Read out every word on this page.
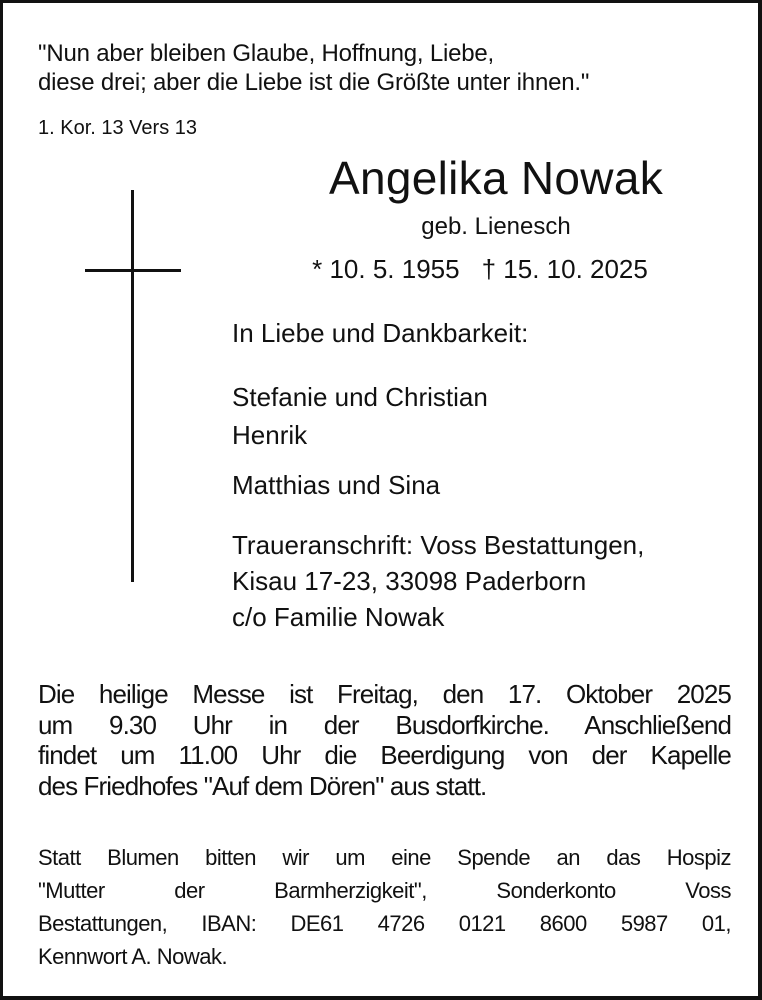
"Nun aber bleiben Glaube, Hoffnung, Liebe,
diese drei; aber die Liebe ist die Größte unter ihnen."
1. Kor. 13 Vers 13
Angelika Nowak
geb. Lienesch
* 10. 5. 1955 † 15. 10. 2025
In Liebe und Dankbarkeit:
Stefanie und Christian
Henrik
Matthias und Sina
Traueranschrift: Voss Bestattungen,
Kisau 17-23, 33098 Paderborn
c/o Familie Nowak
Die heilige Messe ist Freitag, den 17. Oktober 2025
um 9.30 Uhr in der Busdorfkirche. Anschließend
findet um 11.00 Uhr die Beerdigung von der Kapelle
des Friedhofes "Auf dem Dören" aus statt.
Statt Blumen bitten wir um eine Spende an das Hospiz
"Mutter der Barmherzigkeit", Sonderkonto Voss
Bestattungen, IBAN: DE61 4726 0121 8600 5987 01,
Kennwort A. Nowak.
